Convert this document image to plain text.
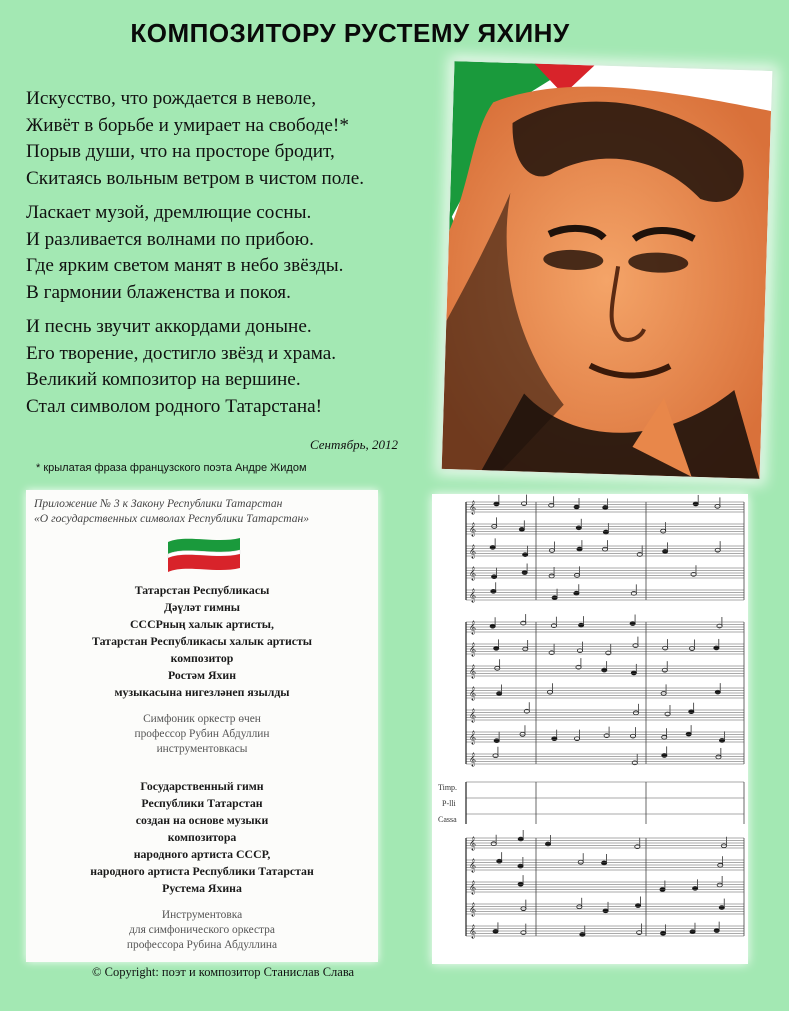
КОМПОЗИТОРУ РУСТЕМУ ЯХИНУ
Искусство, что рождается в неволе,
Живёт в борьбе и умирает на свободе!*
Порыв души, что на просторе бродит,
Скитаясь вольным ветром в чистом поле.
Ласкает музой, дремлющие сосны.
И разливается волнами по прибою.
Где ярким светом манят в небо звёзды.
В гармонии блаженства и покоя.
И песнь звучит аккордами доныне.
Его творение, достигло звёзд и храма.
Великий композитор на вершине.
Стал символом родного Татарстана!
Сентябрь, 2012
* крылатая фраза французского поэта Андре Жидом
Приложение № 3 к Закону Республики Татарстан
«О государственных символах Республики Татарстан»
Татарстан Республикасы
Дәүләт гимны
СССРның халык артисты,
Татарстан Республикасы халык артисты
композитор
Ростәм Яхин
музыкасына нигезләнеп язылды
Симфоник оркестр өчен
профессор Рубин Абдуллин
инструментовкасы
Государственный гимн
Республики Татарстан
создан на основе музыки
композитора
народного артиста СССР,
народного артиста Республики Татарстан
Рустема Яхина
Инструментовка
для симфонического оркестра
профессора Рубина Абдуллина
𝄞
𝄞
𝄞
𝄞
𝄞
𝄞
𝄞
𝄞
𝄞
𝄞
𝄞
𝄞
𝄞
𝄞
𝄞
𝄞
𝄞
Timp.
P-lli
Cassa
© Copyright: поэт и композитор Станислав Слава
